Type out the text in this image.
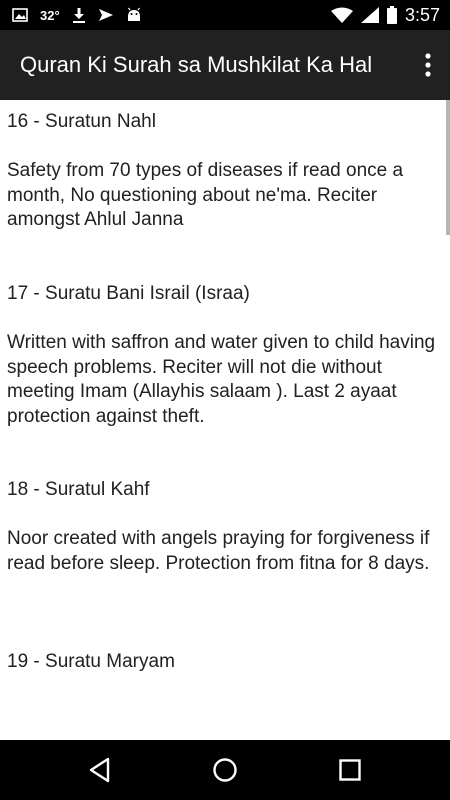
32°	3:57
Quran Ki Surah sa Mushkilat Ka Hal
16 - Suratun Nahl
Safety from 70 types of diseases if read once a month, No questioning about ne'ma. Reciter amongst Ahlul Janna
17 - Suratu Bani Israil (Israa)
Written with saffron and water given to child having speech problems. Reciter will not die without meeting Imam (Allayhis salaam ). Last 2 ayaat protection against theft.
18 - Suratul Kahf
Noor created with angels praying for forgiveness if read before sleep. Protection from fitna for 8 days.
19 - Suratu Maryam
